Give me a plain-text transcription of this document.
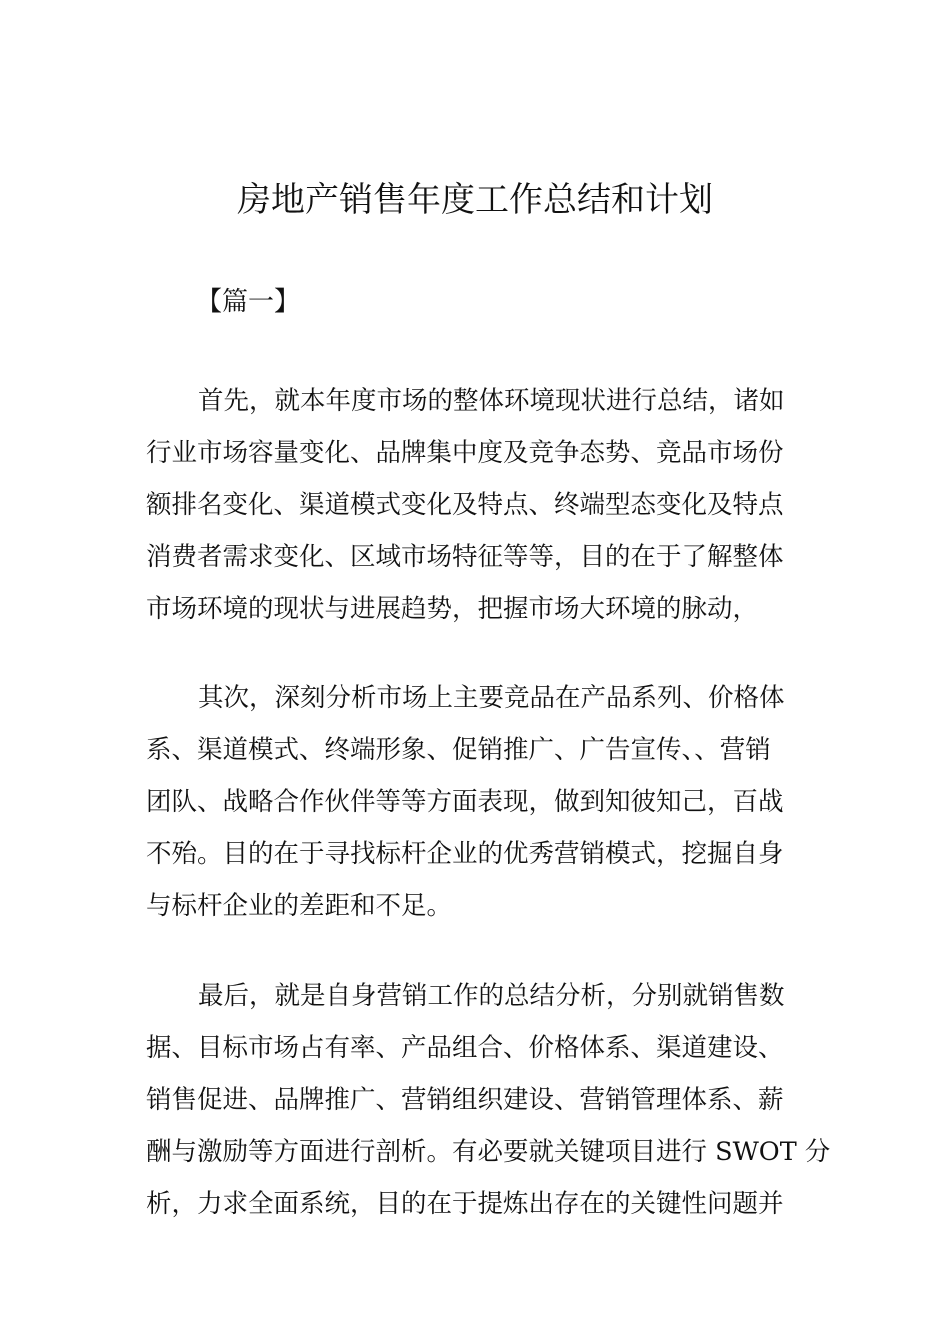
房地产销售年度工作总结和计划
【篇一】

首先，就本年度市场的整体环境现状进行总结，诸如
行业市场容量变化、品牌集中度及竞争态势、竞品市场份
额排名变化、渠道模式变化及特点、终端型态变化及特点
消费者需求变化、区域市场特征等等，目的在于了解整体
市场环境的现状与进展趋势，把握市场大环境的脉动，

其次，深刻分析市场上主要竞品在产品系列、价格体
系、渠道模式、终端形象、促销推广、广告宣传、、营销
团队、战略合作伙伴等等方面表现，做到知彼知己，百战
不殆。目的在于寻找标杆企业的优秀营销模式，挖掘自身
与标杆企业的差距和不足。

最后，就是自身营销工作的总结分析，分别就销售数
据、目标市场占有率、产品组合、价格体系、渠道建设、
销售促进、品牌推广、营销组织建设、营销管理体系、薪
酬与激励等方面进行剖析。有必要就关键项目进行 SWOT 分
析，力求全面系统，目的在于提炼出存在的关键性问题并
